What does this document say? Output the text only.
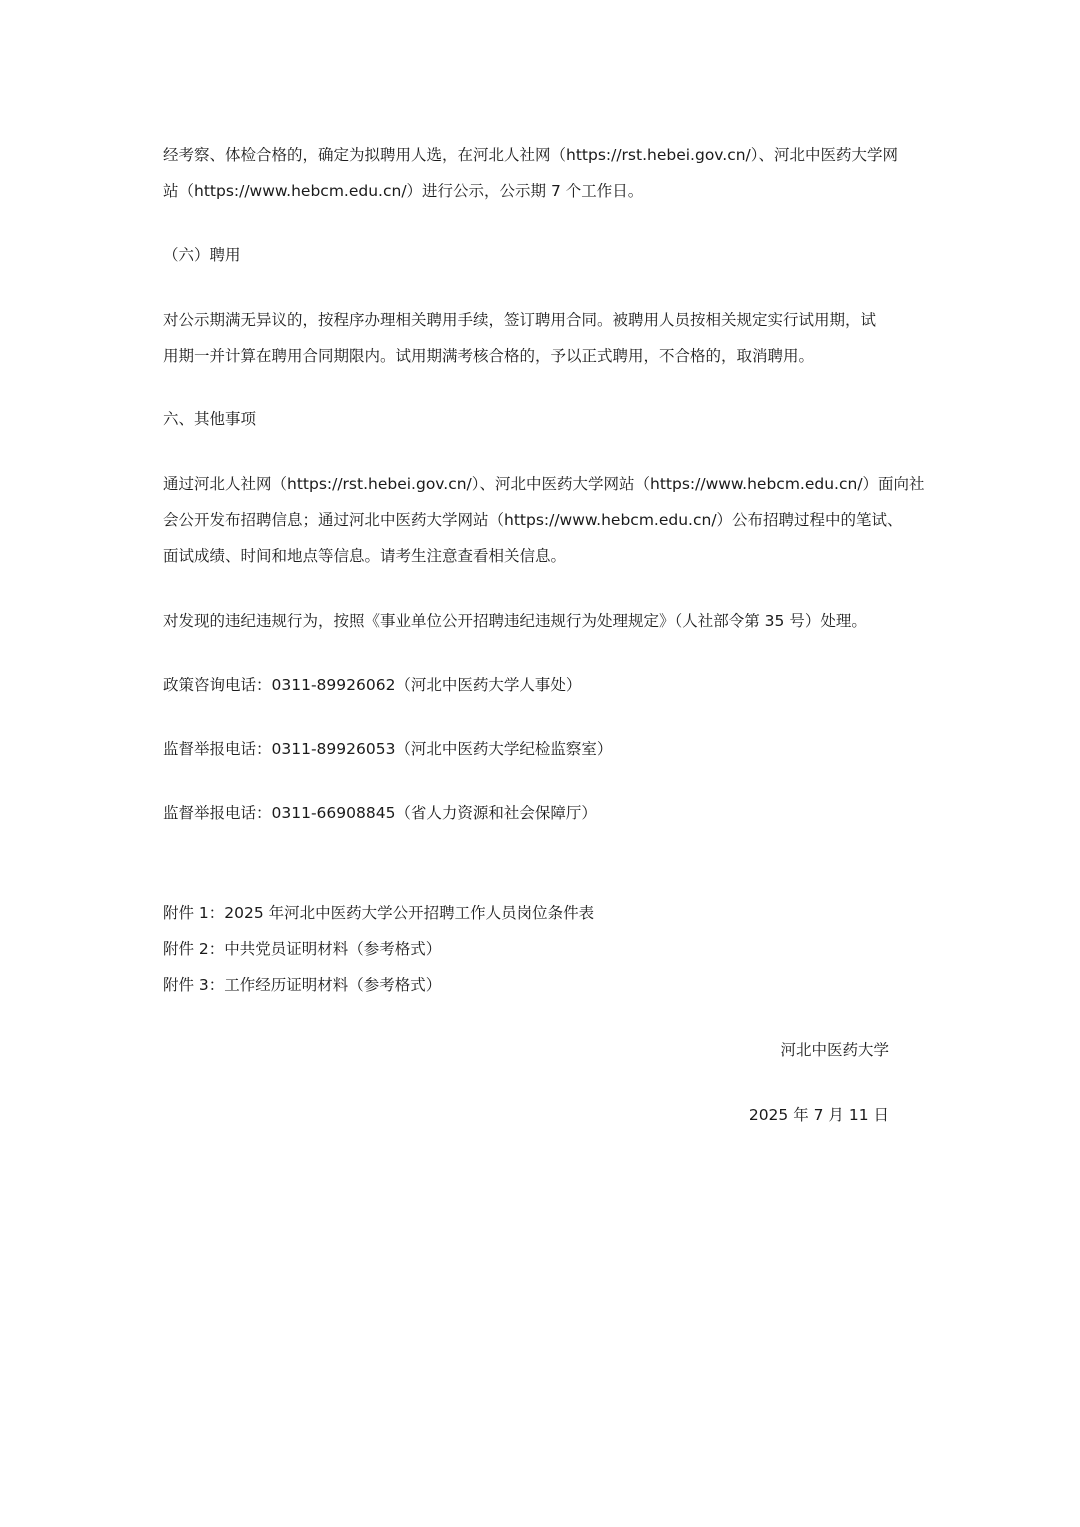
经考察、体检合格的，确定为拟聘用人选，在河北人社网（https://rst.hebei.gov.cn/）、河北中医药大学网
站（https://www.hebcm.edu.cn/）进行公示，公示期 7 个工作日。

（六）聘用

对公示期满无异议的，按程序办理相关聘用手续，签订聘用合同。被聘用人员按相关规定实行试用期，试
用期一并计算在聘用合同期限内。试用期满考核合格的，予以正式聘用，不合格的，取消聘用。

六、其他事项

通过河北人社网（https://rst.hebei.gov.cn/）、河北中医药大学网站（https://www.hebcm.edu.cn/）面向社
会公开发布招聘信息；通过河北中医药大学网站（https://www.hebcm.edu.cn/）公布招聘过程中的笔试、
面试成绩、时间和地点等信息。请考生注意查看相关信息。

对发现的违纪违规行为，按照《事业单位公开招聘违纪违规行为处理规定》（人社部令第 35 号）处理。

政策咨询电话：0311-89926062（河北中医药大学人事处）

监督举报电话：0311-89926053（河北中医药大学纪检监察室）

监督举报电话：0311-66908845（省人力资源和社会保障厅）

附件 1：2025 年河北中医药大学公开招聘工作人员岗位条件表

附件 2：中共党员证明材料（参考格式）

附件 3：工作经历证明材料（参考格式）

河北中医药大学
2025 年 7 月 11 日
